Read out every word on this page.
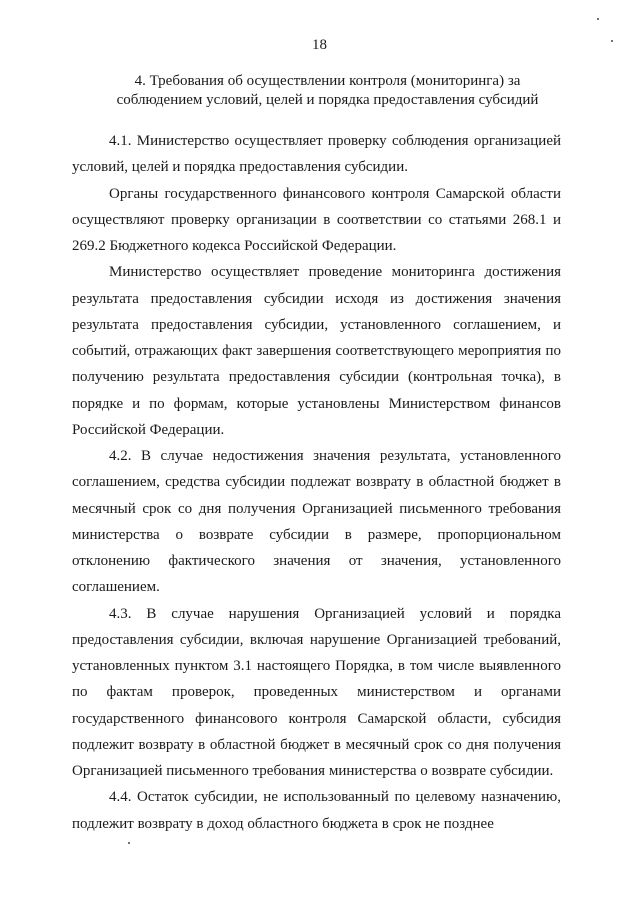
18
4. Требования об осуществлении контроля (мониторинга) за
соблюдением условий, целей и порядка предоставления субсидий

4.1. Министерство осуществляет проверку соблюдения организацией условий, целей и порядка предоставления субсидии.

Органы государственного финансового контроля Самарской области осуществляют проверку организации в соответствии со статьями 268.1 и 269.2 Бюджетного кодекса Российской Федерации.

Министерство осуществляет проведение мониторинга достижения результата предоставления субсидии исходя из достижения значения результата предоставления субсидии, установленного соглашением, и событий, отражающих факт завершения соответствующего мероприятия по получению результата предоставления субсидии (контрольная точка), в порядке и по формам, которые установлены Министерством финансов Российской Федерации.

4.2. В случае недостижения значения результата, установленного соглашением, средства субсидии подлежат возврату в областной бюджет в месячный срок со дня получения Организацией письменного требования министерства о возврате субсидии в размере, пропорциональном отклонению фактического значения от значения, установленного соглашением.

4.3. В случае нарушения Организацией условий и порядка предоставления субсидии, включая нарушение Организацией требований, установленных пунктом 3.1 настоящего Порядка, в том числе выявленного по фактам проверок, проведенных министерством и органами государственного финансового контроля Самарской области, субсидия подлежит возврату в областной бюджет в месячный срок со дня получения Организацией письменного требования министерства о возврате субсидии.

4.4. Остаток субсидии, не использованный по целевому назначению, подлежит возврату в доход областного бюджета в срок не позднее
